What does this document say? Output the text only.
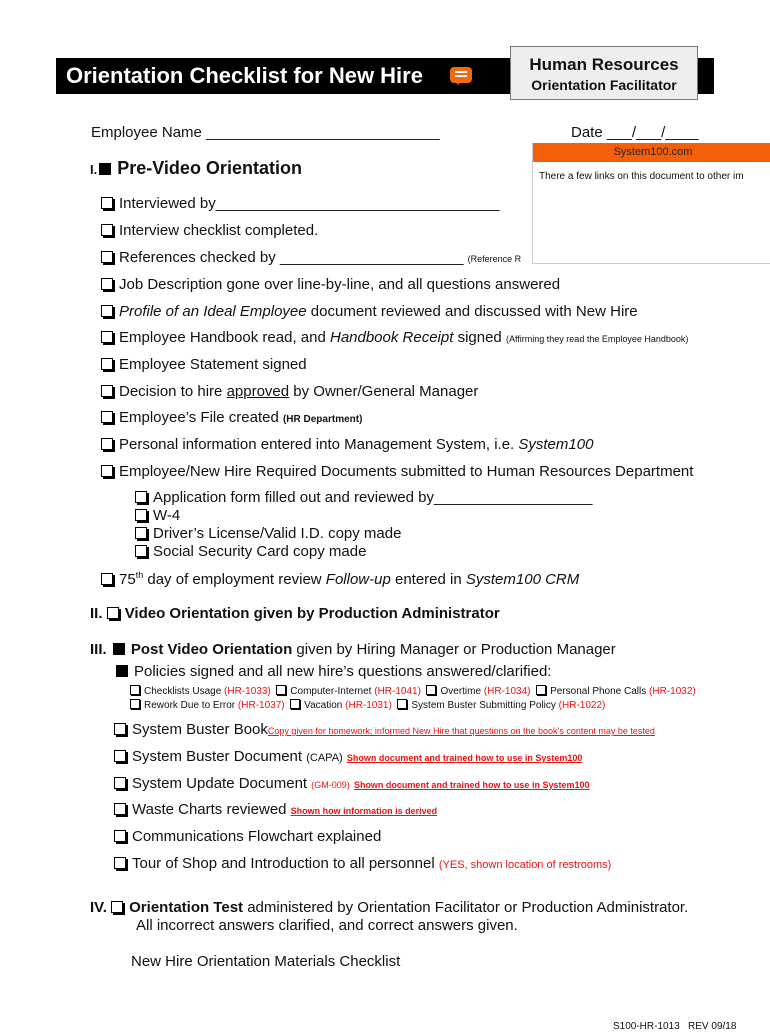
Orientation Checklist for New Hire	Human Resources
Orientation Facilitator
Employee Name ____________________________	Date ___/___/____
I. Pre-Video Orientation
Interviewed by__________________________________
Interview checklist completed.
References checked by ______________________ (Reference R
Job Description gone over line-by-line, and all questions answered
Profile of an Ideal Employee document reviewed and discussed with New Hire
Employee Handbook read, and Handbook Receipt signed (Affirming they read the Employee Handbook)
Employee Statement signed
Decision to hire approved by Owner/General Manager
Employee’s File created (HR Department)
Personal information entered into Management System, i.e. System100
Employee/New Hire Required Documents submitted to Human Resources Department
Application form filled out and reviewed by___________________
W-4
Driver’s License/Valid I.D. copy made
Social Security Card copy made
75th day of employment review Follow-up entered in System100 CRM
II. Video Orientation given by Production Administrator
III. Post Video Orientation given by Hiring Manager or Production Manager
Policies signed and all new hire’s questions answered/clarified:
Checklists Usage (HR-1033) Computer-Internet (HR-1041) Overtime (HR-1034) Personal Phone Calls (HR-1032)
Rework Due to Error (HR-1037) Vacation (HR-1031) System Buster Submitting Policy (HR-1022)
System Buster BookCopy given for homework; informed New Hire that questions on the book’s content may be tested
System Buster Document (CAPA) Shown document and trained how to use in System100
System Update Document (GM-009) Shown document and trained how to use in System100
Waste Charts reviewed Shown how information is derived
Communications Flowchart explained
Tour of Shop and Introduction to all personnel (YES, shown location of restrooms)
IV. Orientation Test administered by Orientation Facilitator or Production Administrator.
All incorrect answers clarified, and correct answers given.
New Hire Orientation Materials Checklist
S100-HR-1013   REV 09/18
System100.com
There a few links on this document to other im
